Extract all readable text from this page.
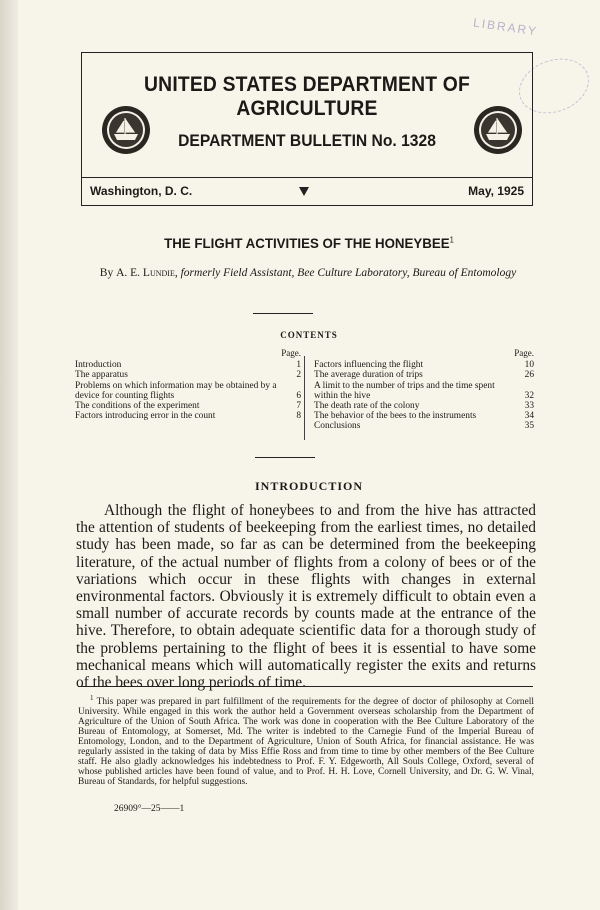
LIBRARY
UNITED STATES DEPARTMENT OF AGRICULTURE
DEPARTMENT BULLETIN No. 1328
Washington, D. C.	May, 1925
THE FLIGHT ACTIVITIES OF THE HONEYBEE$^1$
By A. E. Lundie, formerly Field Assistant, Bee Culture Laboratory, Bureau of Entomology
CONTENTS
Page.
Introduction	1
The apparatus	2
Problems on which information may be obtained by a device for counting flights	6
The conditions of the experiment	7
Factors introducing error in the count	8
Page.
Factors influencing the flight	10
The average duration of trips	26
A limit to the number of trips and the time spent within the hive	32
The death rate of the colony	33
The behavior of the bees to the instruments	34
Conclusions	35
INTRODUCTION

Although the flight of honeybees to and from the hive has attracted the attention of students of beekeeping from the earliest times, no detailed study has been made, so far as can be determined from the beekeeping literature, of the actual number of flights from a colony of bees or of the variations which occur in these flights with changes in external environmental factors. Obviously it is extremely difficult to obtain even a small number of accurate records by counts made at the entrance of the hive. Therefore, to obtain adequate scientific data for a thorough study of the problems pertaining to the flight of bees it is essential to have some mechanical means which will automatically register the exits and returns of the bees over long periods of time.

$^1$ This paper was prepared in part fulfillment of the requirements for the degree of doctor of philosophy at Cornell University. While engaged in this work the author held a Government overseas scholarship from the Department of Agriculture of the Union of South Africa. The work was done in cooperation with the Bee Culture Laboratory of the Bureau of Entomology, at Somerset, Md. The writer is indebted to the Carnegie Fund of the Imperial Bureau of Entomology, London, and to the Department of Agriculture, Union of South Africa, for financial assistance. He was regularly assisted in the taking of data by Miss Effie Ross and from time to time by other members of the Bee Culture staff. He also gladly acknowledges his indebtedness to Prof. F. Y. Edgeworth, All Souls College, Oxford, several of whose published articles have been found of value, and to Prof. H. H. Love, Cornell University, and Dr. G. W. Vinal, Bureau of Standards, for helpful suggestions.

26909°—25——1
